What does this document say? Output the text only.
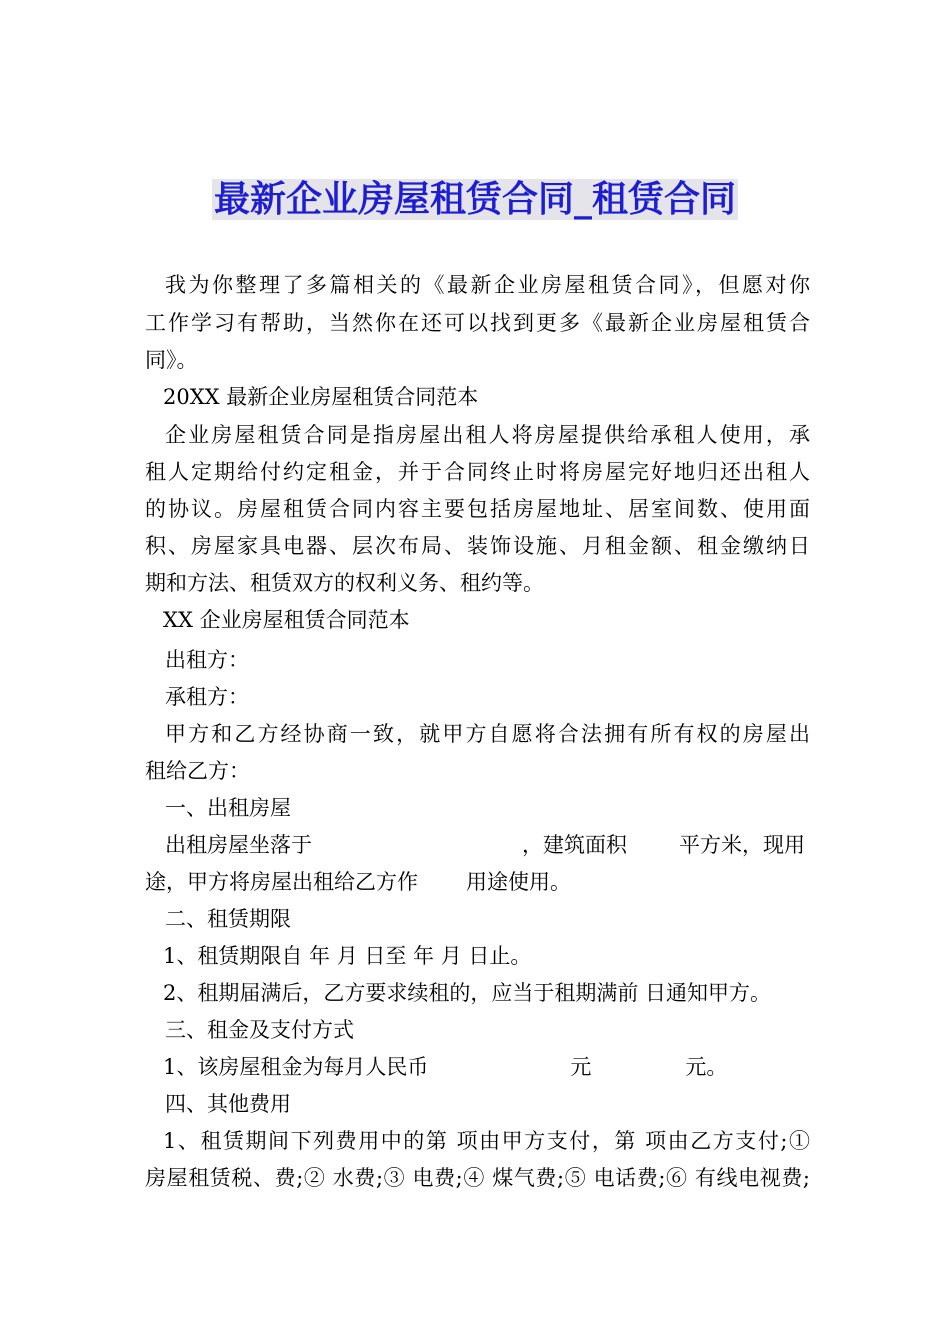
最新企业房屋租赁合同_租赁合同
我为你整理了多篇相关的《最新企业房屋租赁合同》，但愿对你
工作学习有帮助，当然你在还可以找到更多《最新企业房屋租赁合
同》。
20XX 最新企业房屋租赁合同范本
企业房屋租赁合同是指房屋出租人将房屋提供给承租人使用，承
租人定期给付约定租金，并于合同终止时将房屋完好地归还出租人
的协议。房屋租赁合同内容主要包括房屋地址、居室间数、使用面
积、房屋家具电器、层次布局、装饰设施、月租金额、租金缴纳日
期和方法、租赁双方的权利义务、租约等。
XX 企业房屋租赁合同范本
出租方：
承租方：
甲方和乙方经协商一致，就甲方自愿将合法拥有所有权的房屋出
租给乙方：
一、出租房屋
出租房屋坐落于	，建筑面积 平方米，现用
途，甲方将房屋出租给乙方作 用途使用。
二、租赁期限
1、租赁期限自 年 月 日至 年 月 日止。
2、租期届满后，乙方要求续租的，应当于租期满前 日通知甲方。
三、租金及支付方式
1、该房屋租金为每月人民币	元	元。
四、其他费用
1、租赁期间下列费用中的第 项由甲方支付，第 项由乙方支付;①
房屋租赁税、费;② 水费;③ 电费;④ 煤气费;⑤ 电话费;⑥ 有线电视费;
